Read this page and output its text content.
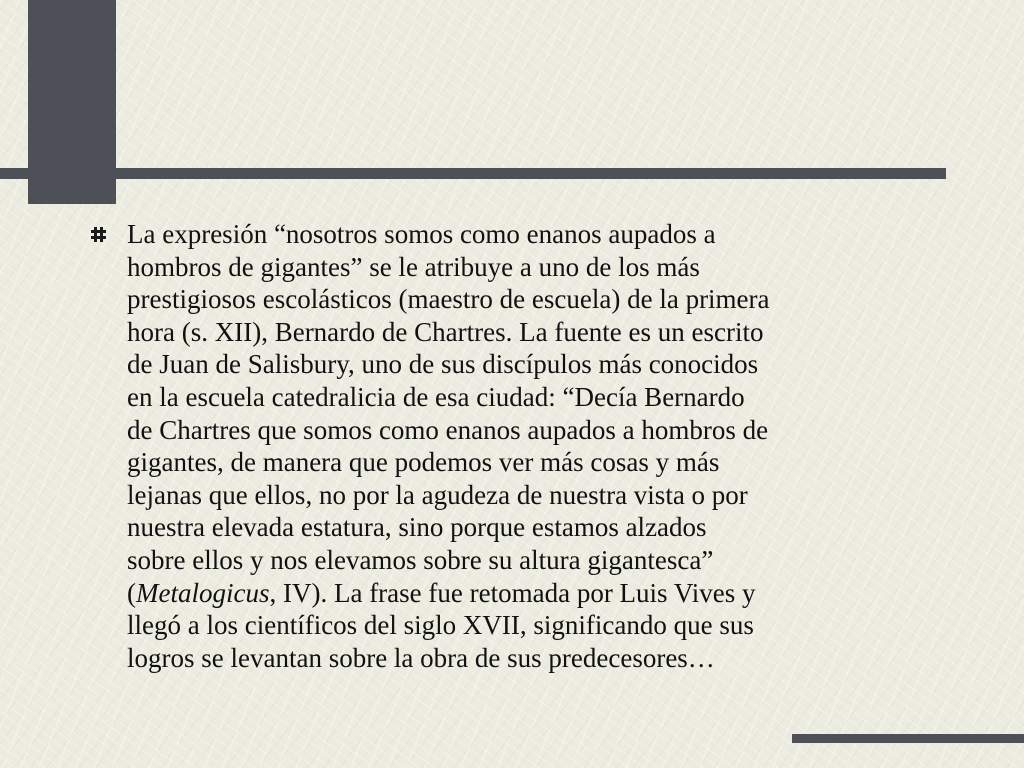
La expresión “nosotros somos como enanos aupados a
hombros de gigantes” se le atribuye a uno de los más
prestigiosos escolásticos (maestro de escuela) de la primera
hora (s. XII), Bernardo de Chartres. La fuente es un escrito
de Juan de Salisbury, uno de sus discípulos más conocidos
en la escuela catedralicia de esa ciudad: “Decía Bernardo
de Chartres que somos como enanos aupados a hombros de
gigantes, de manera que podemos ver más cosas y más
lejanas que ellos, no por la agudeza de nuestra vista o por
nuestra elevada estatura, sino porque estamos alzados
sobre ellos y nos elevamos sobre su altura gigantesca”
(Metalogicus, IV). La frase fue retomada por Luis Vives y
llegó a los científicos del siglo XVII, significando que sus
logros se levantan sobre la obra de sus predecesores…
